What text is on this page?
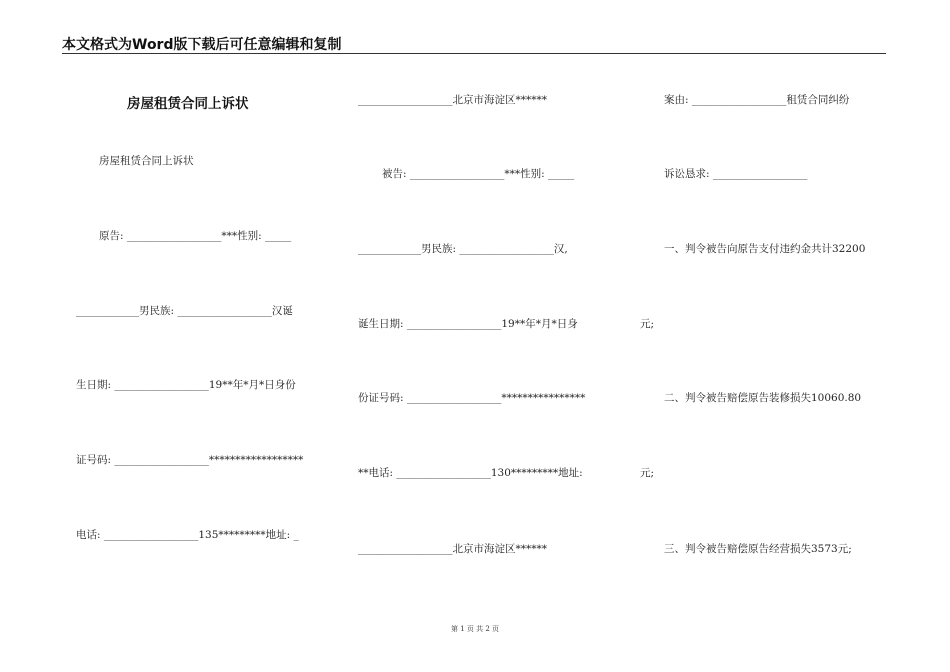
本文格式为Word版下载后可任意编辑和复制
房屋租赁合同上诉状
房屋租赁合同上诉状
原告: __________________***性别: _____
____________男民族: __________________汉诞
生日期: __________________19**年*月*日身份
证号码: __________________******************
电话: __________________135*********地址: _
__________________北京市海淀区******
被告: __________________***性别: _____
____________男民族: __________________汉,
诞生日期: __________________19**年*月*日身
份证号码: __________________****************
**电话: __________________130*********地址:
__________________北京市海淀区******
案由: __________________租赁合同纠纷
诉讼恳求: __________________
一、判令被告向原告支付违约金共计32200
元;
二、判令被告赔偿原告装修损失10060.80
元;
三、判令被告赔偿原告经营损失3573元;
第 1 页 共 2 页
